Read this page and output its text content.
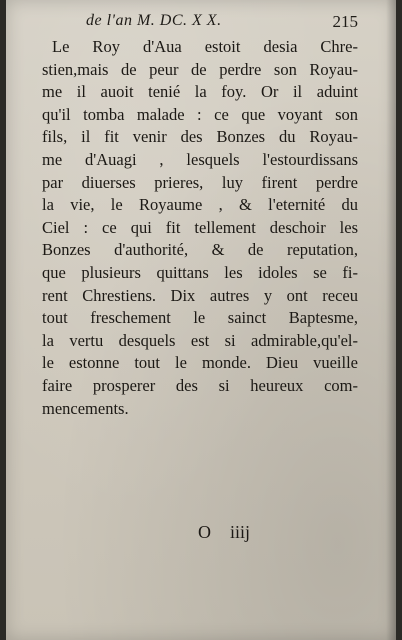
de l'an M. DC. X X.	215
Le Roy d'Aua estoit desia Chre-
stien,mais de peur de perdre son Royau-
me il auoit tenié la foy. Or il aduint
qu'il tomba malade : ce que voyant son
fils, il fit venir des Bonzes du Royau-
me d'Auagi , lesquels l'estourdissans
par diuerses prieres, luy firent perdre
la vie, le Royaume , & l'eternité du
Ciel : ce qui fit tellement deschoir les
Bonzes d'authorité, & de reputation,
que plusieurs quittans les idoles se fi-
rent Chrestiens. Dix autres y ont receu
tout freschement le sainct Baptesme,
la vertu desquels est si admirable,qu'el-
le estonne tout le monde. Dieu vueille
faire prosperer des si heureux com-
mencements.
O iiij
